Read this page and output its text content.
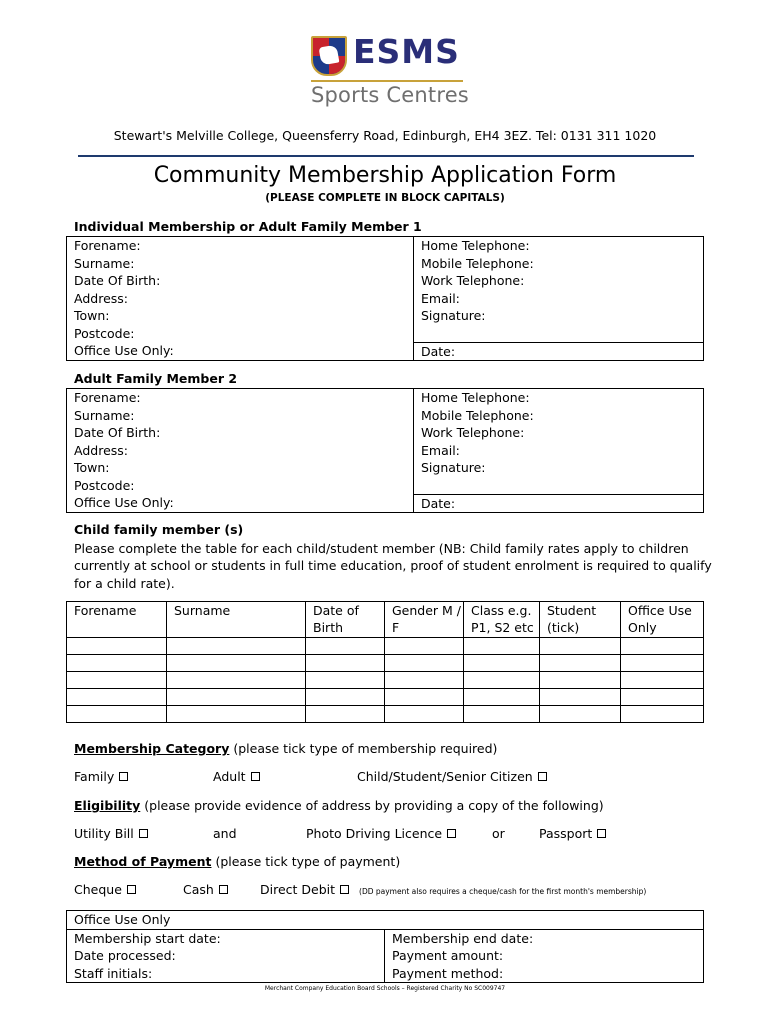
ESMS
Sports Centres
Stewart's Melville College, Queensferry Road, Edinburgh, EH4 3EZ. Tel: 0131 311 1020
Community Membership Application Form
(PLEASE COMPLETE IN BLOCK CAPITALS)
Individual Membership or Adult Family Member 1
Forename:	Home Telephone:
Surname:	Mobile Telephone:
Date Of Birth:	Work Telephone:
Address:	Email:
Town:	Signature:
Postcode:	
Office Use Only:	Date:
Adult Family Member 2
Forename:	Home Telephone:
Surname:	Mobile Telephone:
Date Of Birth:	Work Telephone:
Address:	Email:
Town:	Signature:
Postcode:	
Office Use Only:	Date:
Child family member (s)
Please complete the table for each child/student member (NB: Child family rates apply to children currently at school or students in full time education, proof of student enrolment is required to qualify for a child rate).
Forename	Surname	Date of Birth	Gender M / F	Class e.g. P1, S2 etc	Student (tick)	Office Use Only

Membership Category (please tick type of membership required)
Family	Adult	Child/Student/Senior Citizen
Eligibility (please provide evidence of address by providing a copy of the following)
Utility Bill	and	Photo Driving Licence	or	Passport
Method of Payment (please tick type of payment)
Cheque	Cash	Direct Debit	(DD payment also requires a cheque/cash for the first month's membership)
Office Use Only	
Membership start date:	Membership end date:
Date processed:	Payment amount:
Staff initials:	Payment method:
Merchant Company Education Board Schools – Registered Charity No SC009747
